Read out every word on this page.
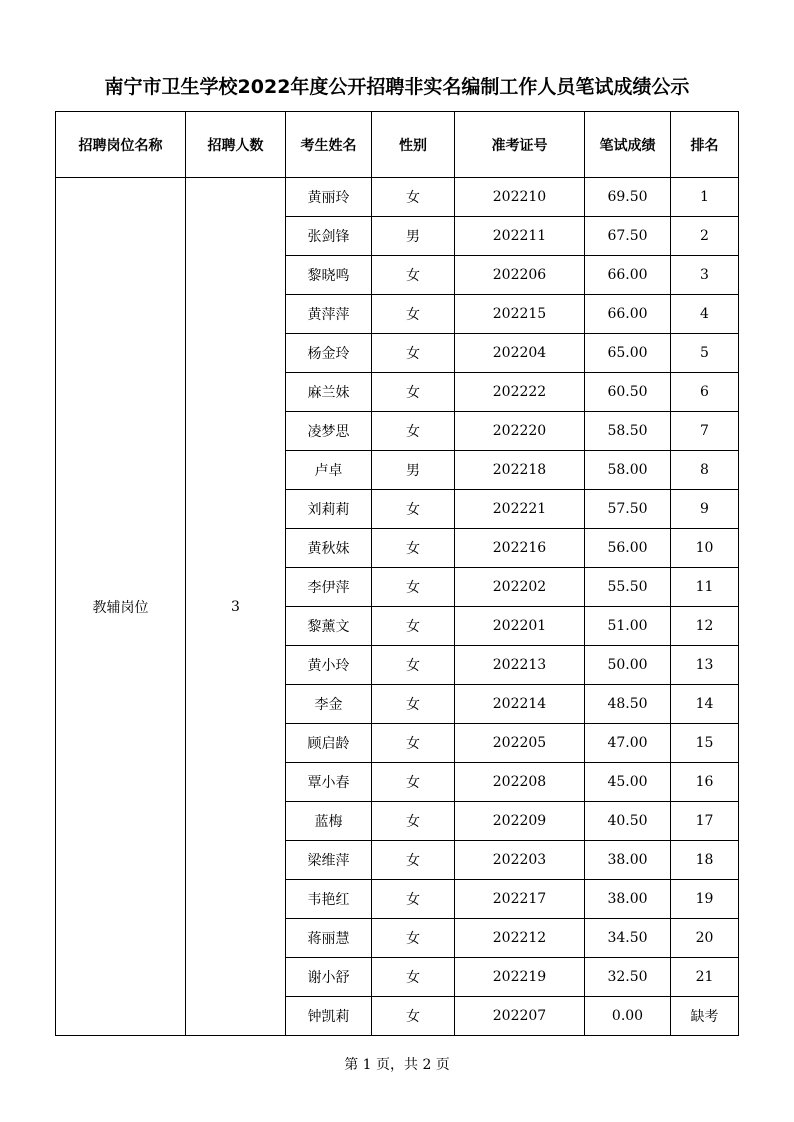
南宁市卫生学校2022年度公开招聘非实名编制工作人员笔试成绩公示
招聘岗位名称	招聘人数	考生姓名	性别	准考证号	笔试成绩	排名
教辅岗位	3	黄丽玲	女	202210	69.50	1
		张剑锋	男	202211	67.50	2
		黎晓鸣	女	202206	66.00	3
		黄萍萍	女	202215	66.00	4
		杨金玲	女	202204	65.00	5
		麻兰妹	女	202222	60.50	6
		凌梦思	女	202220	58.50	7
		卢卓	男	202218	58.00	8
		刘莉莉	女	202221	57.50	9
		黄秋妹	女	202216	56.00	10
		李伊萍	女	202202	55.50	11
		黎薰文	女	202201	51.00	12
		黄小玲	女	202213	50.00	13
		李金	女	202214	48.50	14
		顾启龄	女	202205	47.00	15
		覃小春	女	202208	45.00	16
		蓝梅	女	202209	40.50	17
		梁维萍	女	202203	38.00	18
		韦艳红	女	202217	38.00	19
		蒋丽慧	女	202212	34.50	20
		谢小舒	女	202219	32.50	21
		钟凯莉	女	202207	0.00	缺考
第 1 页，共 2 页
